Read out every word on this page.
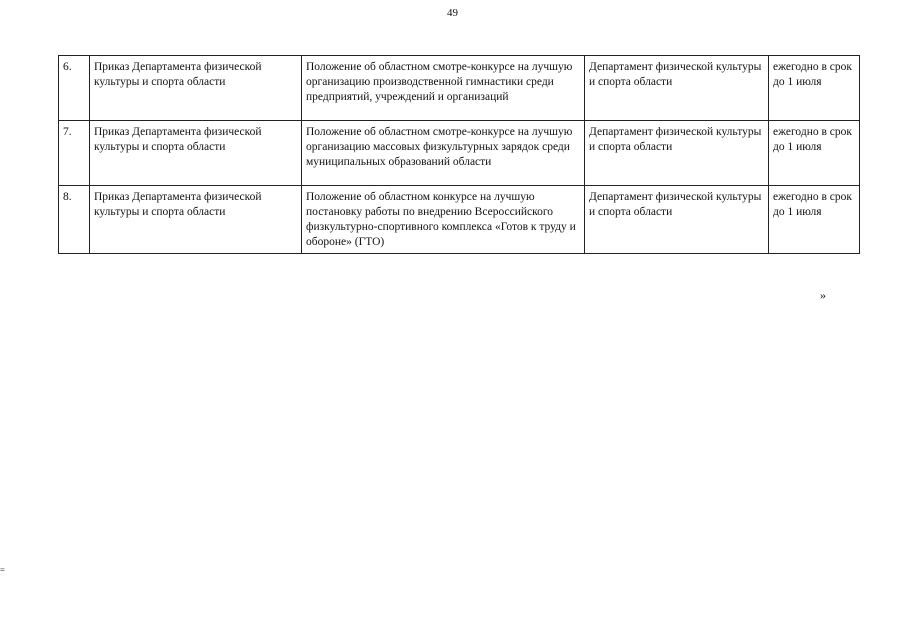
49
6.	Приказ Департамента физической культуры и спорта области	Положение об областном смотре-конкурсе на лучшую организацию производственной гимнастики среди предприятий, учреждений и организаций	Департамент физической культуры и спорта области	ежегодно в срок до 1 июля
7.	Приказ Департамента физической культуры и спорта области	Положение об областном смотре-конкурсе на лучшую организацию массовых физкультурных зарядок среди муниципальных образований области	Департамент физической культуры и спорта области	ежегодно в срок до 1 июля
8.	Приказ Департамента физической культуры и спорта области	Положение об областном конкурсе на лучшую постановку работы по внедрению Всероссийского физкультурно-спортивного комплекса «Готов к труду и обороне» (ГТО)	Департамент физической культуры и спорта области	ежегодно в срок до 1 июля
»
=
